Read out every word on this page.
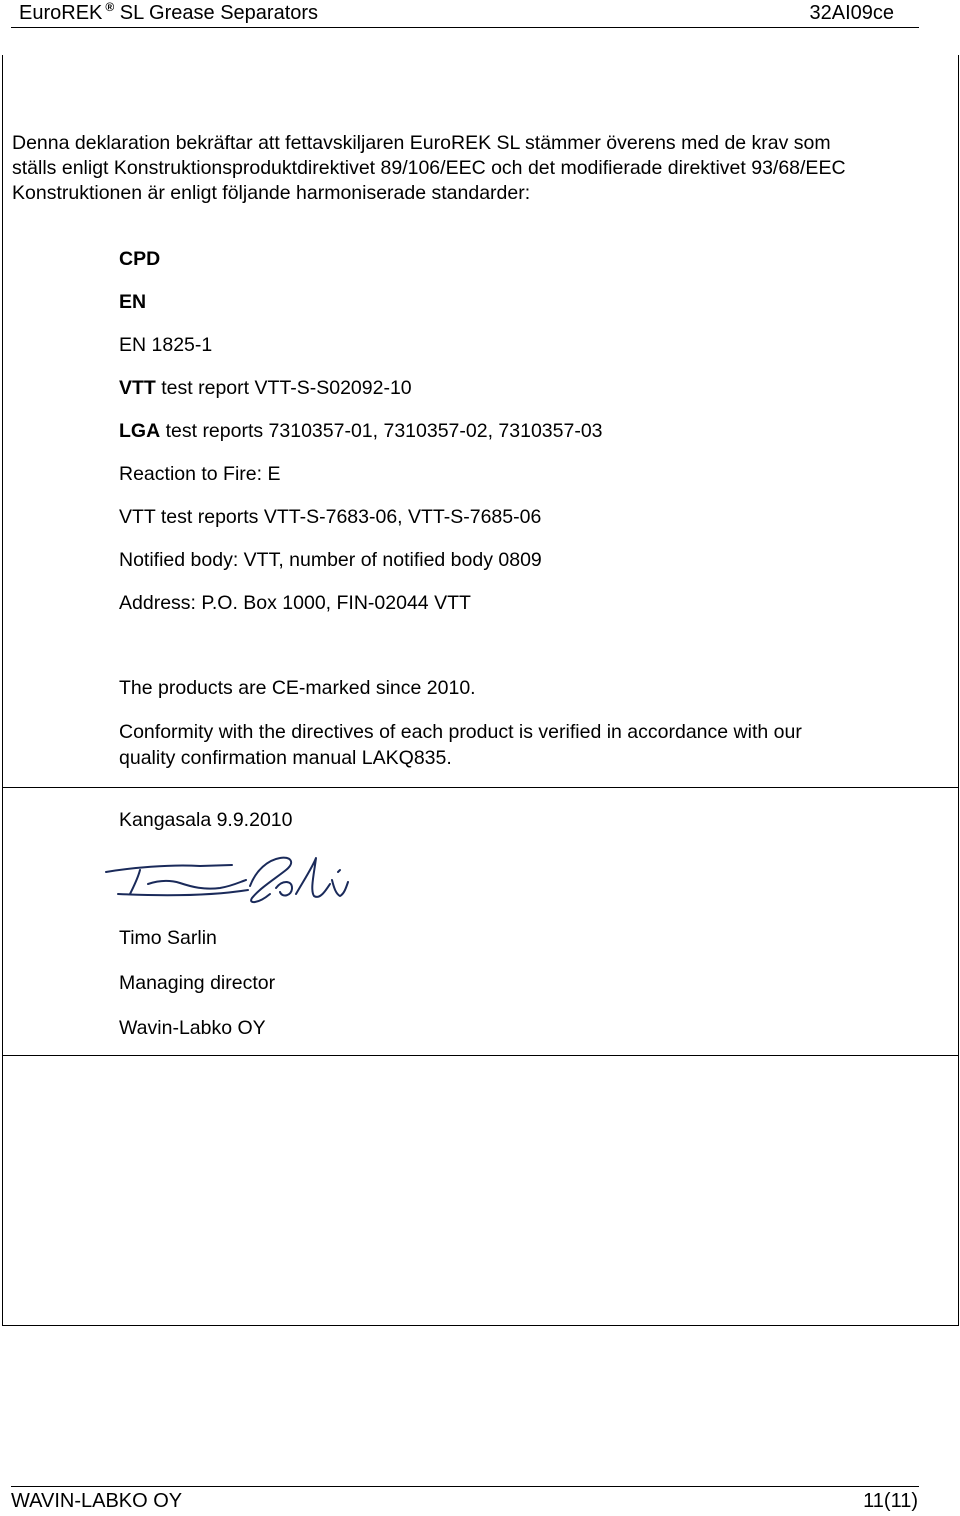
EuroREK ® SL Grease Separators	32AI09ce
Denna deklaration bekräftar att fettavskiljaren EuroREK SL stämmer överens med de krav som
ställs enligt Konstruktionsproduktdirektivet 89/106/EEC och det modifierade direktivet 93/68/EEC
Konstruktionen är enligt följande harmoniserade standarder:
CPD
EN
EN 1825-1
VTT test report VTT-S-S02092-10
LGA test reports 7310357-01, 7310357-02, 7310357-03
Reaction to Fire: E
VTT test reports VTT-S-7683-06, VTT-S-7685-06
Notified body: VTT, number of notified body 0809
Address: P.O. Box 1000, FIN-02044 VTT
The products are CE-marked since 2010.
Conformity with the directives of each product is verified in accordance with our
quality confirmation manual LAKQ835.
Kangasala 9.9.2010
Timo Sarlin
Managing director
Wavin-Labko OY
WAVIN-LABKO OY	11(11)
